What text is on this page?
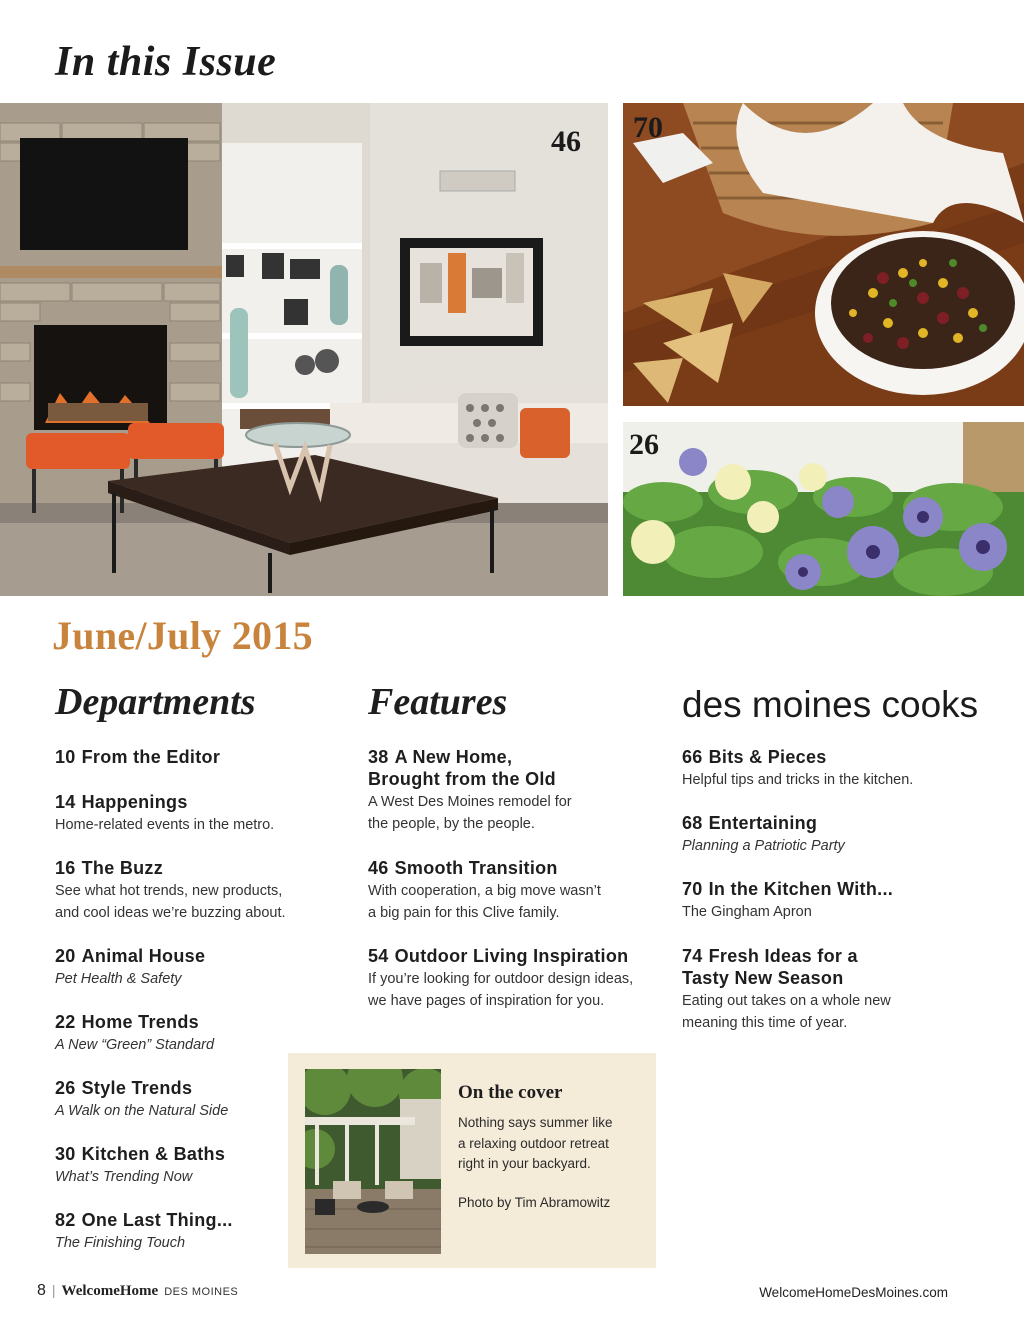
In this Issue
46 70
26
June/July 2015
Departments	Features	des moines cooks
10 From the Editor
14 Happenings
Home-related events in the metro.
16 The Buzz
See what hot trends, new products,
and cool ideas we’re buzzing about.
20 Animal House
Pet Health & Safety
22 Home Trends
A New “Green” Standard
26 Style Trends
A Walk on the Natural Side
30 Kitchen & Baths
What’s Trending Now
82 One Last Thing...
The Finishing Touch
38 A New Home,
Brought from the Old
A West Des Moines remodel for
the people, by the people.
46 Smooth Transition
With cooperation, a big move wasn’t
a big pain for this Clive family.
54 Outdoor Living Inspiration
If you’re looking for outdoor design ideas,
we have pages of inspiration for you.
66 Bits & Pieces
Helpful tips and tricks in the kitchen.
68 Entertaining
Planning a Patriotic Party
70 In the Kitchen With...
The Gingham Apron
74 Fresh Ideas for a
Tasty New Season
Eating out takes on a whole new
meaning this time of year.
On the cover
Nothing says summer like
a relaxing outdoor retreat
right in your backyard.
Photo by Tim Abramowitz
8 | WelcomeHome DES MOINES	WelcomeHomeDesMoines.com
